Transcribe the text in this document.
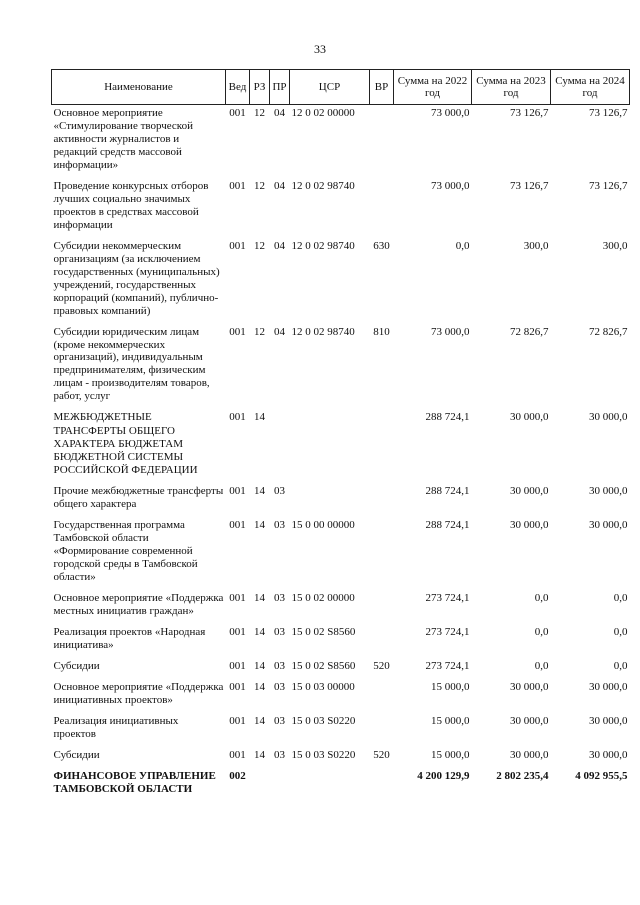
33
Наименование	Вед	РЗ	ПР	ЦСР	ВР	Сумма на 2022 год	Сумма на 2023 год	Сумма на 2024 год
Основное мероприятие «Стимулирование творческой активности журналистов и редакций средств массовой информации»	001	12	04	12 0 02 00000		73 000,0	73 126,7	73 126,7
Проведение конкурсных отборов лучших социально значимых проектов в средствах массовой информации	001	12	04	12 0 02 98740		73 000,0	73 126,7	73 126,7
Субсидии некоммерческим организациям (за исключением государственных (муниципальных) учреждений, государственных корпораций (компаний), публично-правовых компаний)	001	12	04	12 0 02 98740	630	0,0	300,0	300,0
Субсидии юридическим лицам (кроме некоммерческих организаций), индивидуальным предпринимателям, физическим лицам - производителям товаров, работ, услуг	001	12	04	12 0 02 98740	810	73 000,0	72 826,7	72 826,7
МЕЖБЮДЖЕТНЫЕ ТРАНСФЕРТЫ ОБЩЕГО ХАРАКТЕРА БЮДЖЕТАМ БЮДЖЕТНОЙ СИСТЕМЫ РОССИЙСКОЙ ФЕДЕРАЦИИ	001	14				288 724,1	30 000,0	30 000,0
Прочие межбюджетные трансферты общего характера	001	14	03			288 724,1	30 000,0	30 000,0
Государственная программа Тамбовской области «Формирование современной городской среды в Тамбовской области»	001	14	03	15 0 00 00000		288 724,1	30 000,0	30 000,0
Основное мероприятие «Поддержка местных инициатив граждан»	001	14	03	15 0 02 00000		273 724,1	0,0	0,0
Реализация проектов «Народная инициатива»	001	14	03	15 0 02 S8560		273 724,1	0,0	0,0
Субсидии	001	14	03	15 0 02 S8560	520	273 724,1	0,0	0,0
Основное мероприятие «Поддержка инициативных проектов»	001	14	03	15 0 03 00000		15 000,0	30 000,0	30 000,0
Реализация инициативных проектов	001	14	03	15 0 03 S0220		15 000,0	30 000,0	30 000,0
Субсидии	001	14	03	15 0 03 S0220	520	15 000,0	30 000,0	30 000,0
ФИНАНСОВОЕ УПРАВЛЕНИЕ ТАМБОВСКОЙ ОБЛАСТИ	002					4 200 129,9	2 802 235,4	4 092 955,5
